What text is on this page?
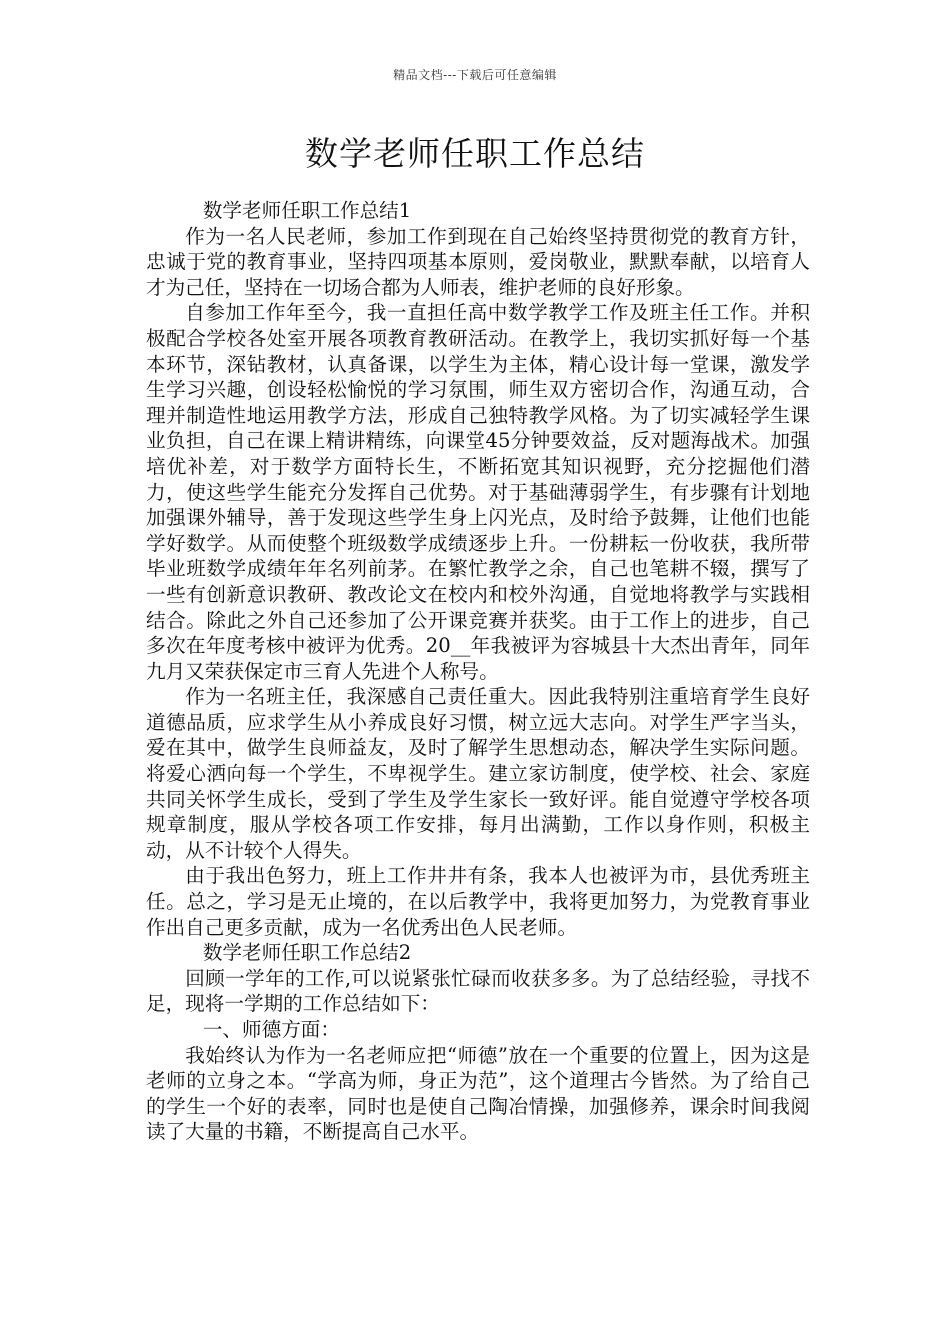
精品文档---下载后可任意编辑
数学老师任职工作总结

数学老师任职工作总结1

作为一名人民老师，参加工作到现在自己始终坚持贯彻党的教育方针，忠诚于党的教育事业，坚持四项基本原则，爱岗敬业，默默奉献，以培育人才为己任，坚持在一切场合都为人师表，维护老师的良好形象。

自参加工作年至今，我一直担任高中数学教学工作及班主任工作。并积极配合学校各处室开展各项教育教研活动。在教学上，我切实抓好每一个基本环节，深钻教材，认真备课，以学生为主体，精心设计每一堂课，激发学生学习兴趣，创设轻松愉悦的学习氛围，师生双方密切合作，沟通互动，合理并制造性地运用教学方法，形成自己独特教学风格。为了切实减轻学生课业负担，自己在课上精讲精练，向课堂45分钟要效益，反对题海战术。加强培优补差，对于数学方面特长生，不断拓宽其知识视野，充分挖掘他们潜力，使这些学生能充分发挥自己优势。对于基础薄弱学生，有步骤有计划地加强课外辅导，善于发现这些学生身上闪光点，及时给予鼓舞，让他们也能学好数学。从而使整个班级数学成绩逐步上升。一份耕耘一份收获，我所带毕业班数学成绩年年名列前茅。在繁忙教学之余，自己也笔耕不辍，撰写了一些有创新意识教研、教改论文在校内和校外沟通，自觉地将教学与实践相结合。除此之外自己还参加了公开课竞赛并获奖。由于工作上的进步，自己多次在年度考核中被评为优秀。20__年我被评为容城县十大杰出青年，同年九月又荣获保定市三育人先进个人称号。

作为一名班主任，我深感自己责任重大。因此我特别注重培育学生良好道德品质，应求学生从小养成良好习惯，树立远大志向。对学生严字当头，爱在其中，做学生良师益友，及时了解学生思想动态，解决学生实际问题。将爱心洒向每一个学生，不卑视学生。建立家访制度，使学校、社会、家庭共同关怀学生成长，受到了学生及学生家长一致好评。能自觉遵守学校各项规章制度，服从学校各项工作安排，每月出满勤，工作以身作则，积极主动，从不计较个人得失。

由于我出色努力，班上工作井井有条，我本人也被评为市，县优秀班主任。总之，学习是无止境的，在以后教学中，我将更加努力，为党教育事业作出自己更多贡献，成为一名优秀出色人民老师。

数学老师任职工作总结2

回顾一学年的工作,可以说紧张忙碌而收获多多。为了总结经验，寻找不足，现将一学期的工作总结如下：

一、师德方面：

我始终认为作为一名老师应把“师德”放在一个重要的位置上，因为这是老师的立身之本。“学高为师，身正为范”，这个道理古今皆然。为了给自己的学生一个好的表率，同时也是使自己陶冶情操，加强修养，课余时间我阅读了大量的书籍，不断提高自己水平。
